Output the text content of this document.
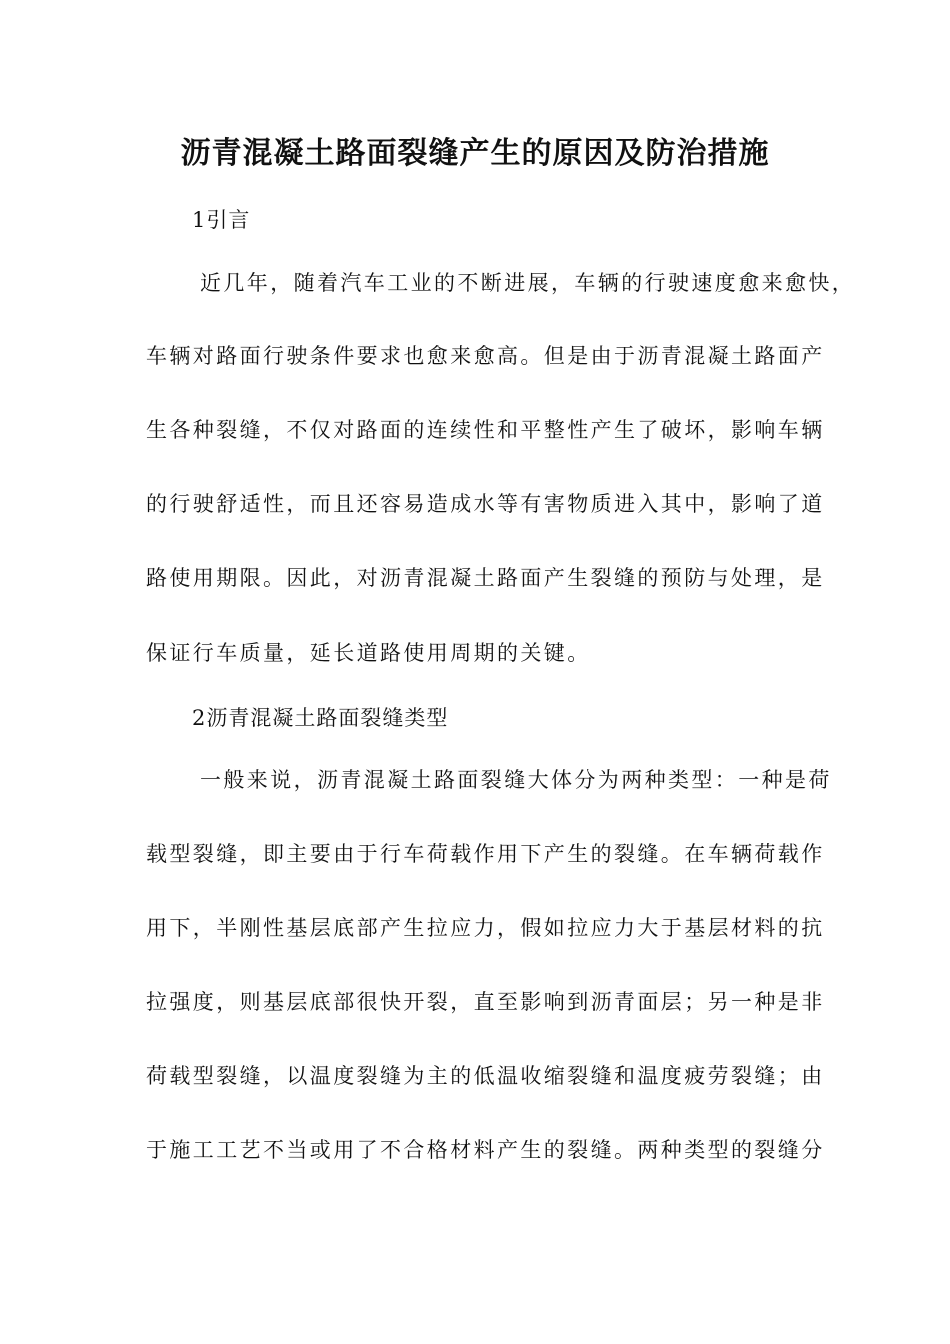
沥青混凝土路面裂缝产生的原因及防治措施
1引言
近几年，随着汽车工业的不断进展，车辆的行驶速度愈来愈快，
车辆对路面行驶条件要求也愈来愈高。但是由于沥青混凝土路面产
生各种裂缝，不仅对路面的连续性和平整性产生了破坏，影响车辆
的行驶舒适性，而且还容易造成水等有害物质进入其中，影响了道
路使用期限。因此，对沥青混凝土路面产生裂缝的预防与处理，是
保证行车质量，延长道路使用周期的关键。
2沥青混凝土路面裂缝类型
一般来说，沥青混凝土路面裂缝大体分为两种类型：一种是荷
载型裂缝，即主要由于行车荷载作用下产生的裂缝。在车辆荷载作
用下，半刚性基层底部产生拉应力，假如拉应力大于基层材料的抗
拉强度，则基层底部很快开裂，直至影响到沥青面层；另一种是非
荷载型裂缝，以温度裂缝为主的低温收缩裂缝和温度疲劳裂缝；由
于施工工艺不当或用了不合格材料产生的裂缝。两种类型的裂缝分
